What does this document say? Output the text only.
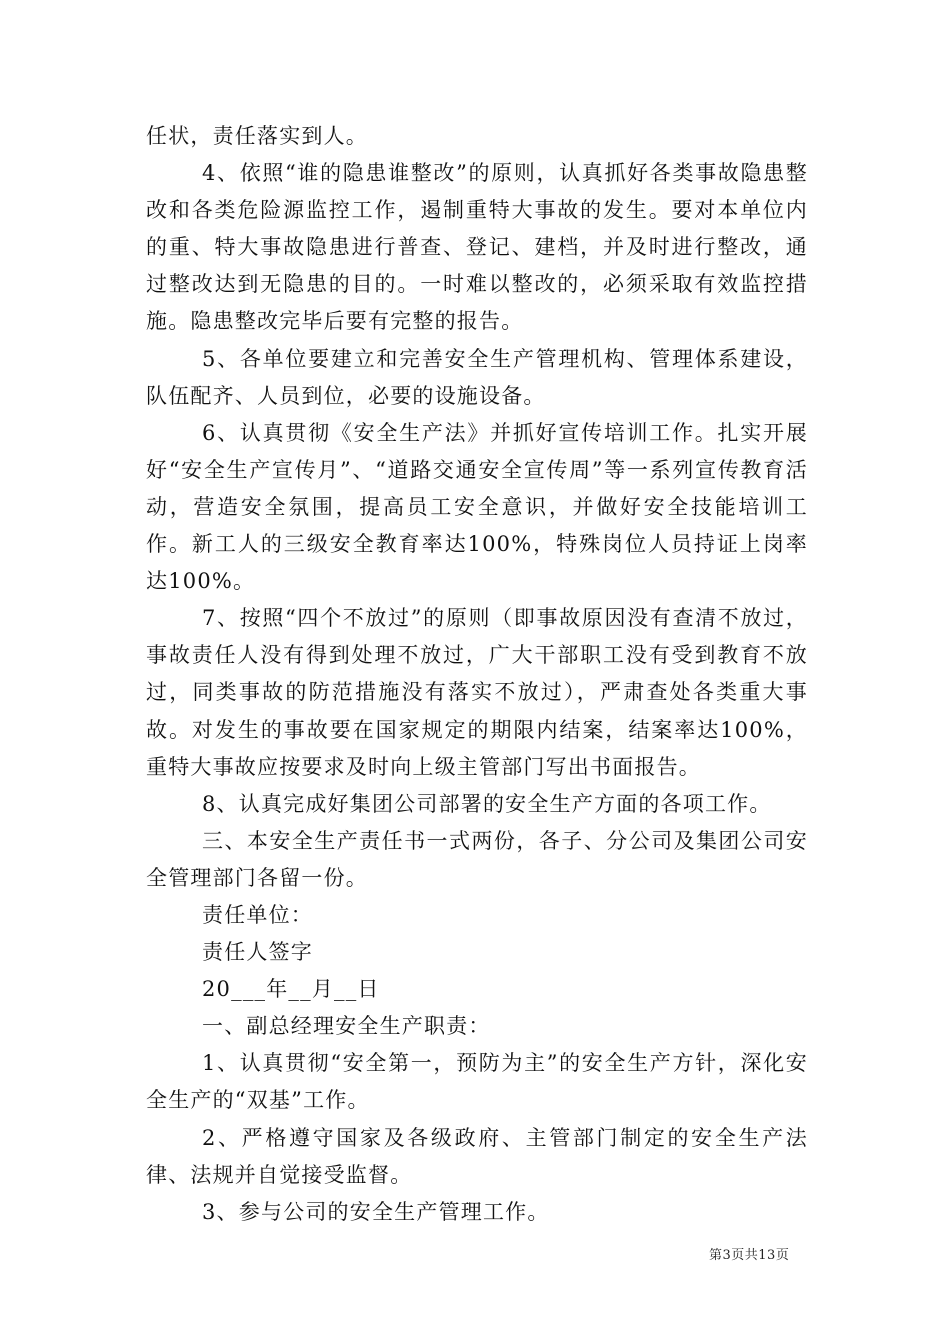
任状，责任落实到人。

4、依照“谁的隐患谁整改”的原则，认真抓好各类事故隐患整改和各类危险源监控工作，遏制重特大事故的发生。要对本单位内的重、特大事故隐患进行普查、登记、建档，并及时进行整改，通过整改达到无隐患的目的。一时难以整改的，必须采取有效监控措施。隐患整改完毕后要有完整的报告。

5、各单位要建立和完善安全生产管理机构、管理体系建设，队伍配齐、人员到位，必要的设施设备。

6、认真贯彻《安全生产法》并抓好宣传培训工作。扎实开展好“安全生产宣传月”、“道路交通安全宣传周”等一系列宣传教育活动，营造安全氛围，提高员工安全意识，并做好安全技能培训工作。新工人的三级安全教育率达100%，特殊岗位人员持证上岗率达100%。

7、按照“四个不放过”的原则（即事故原因没有查清不放过，事故责任人没有得到处理不放过，广大干部职工没有受到教育不放过，同类事故的防范措施没有落实不放过），严肃查处各类重大事故。对发生的事故要在国家规定的期限内结案，结案率达100%，重特大事故应按要求及时向上级主管部门写出书面报告。

8、认真完成好集团公司部署的安全生产方面的各项工作。

三、本安全生产责任书一式两份，各子、分公司及集团公司安全管理部门各留一份。

责任单位：

责任人签字

20___年__月__日

一、副总经理安全生产职责：

1、认真贯彻“安全第一，预防为主”的安全生产方针，深化安全生产的“双基”工作。

2、严格遵守国家及各级政府、主管部门制定的安全生产法律、法规并自觉接受监督。

3、参与公司的安全生产管理工作。

第3页共13页
